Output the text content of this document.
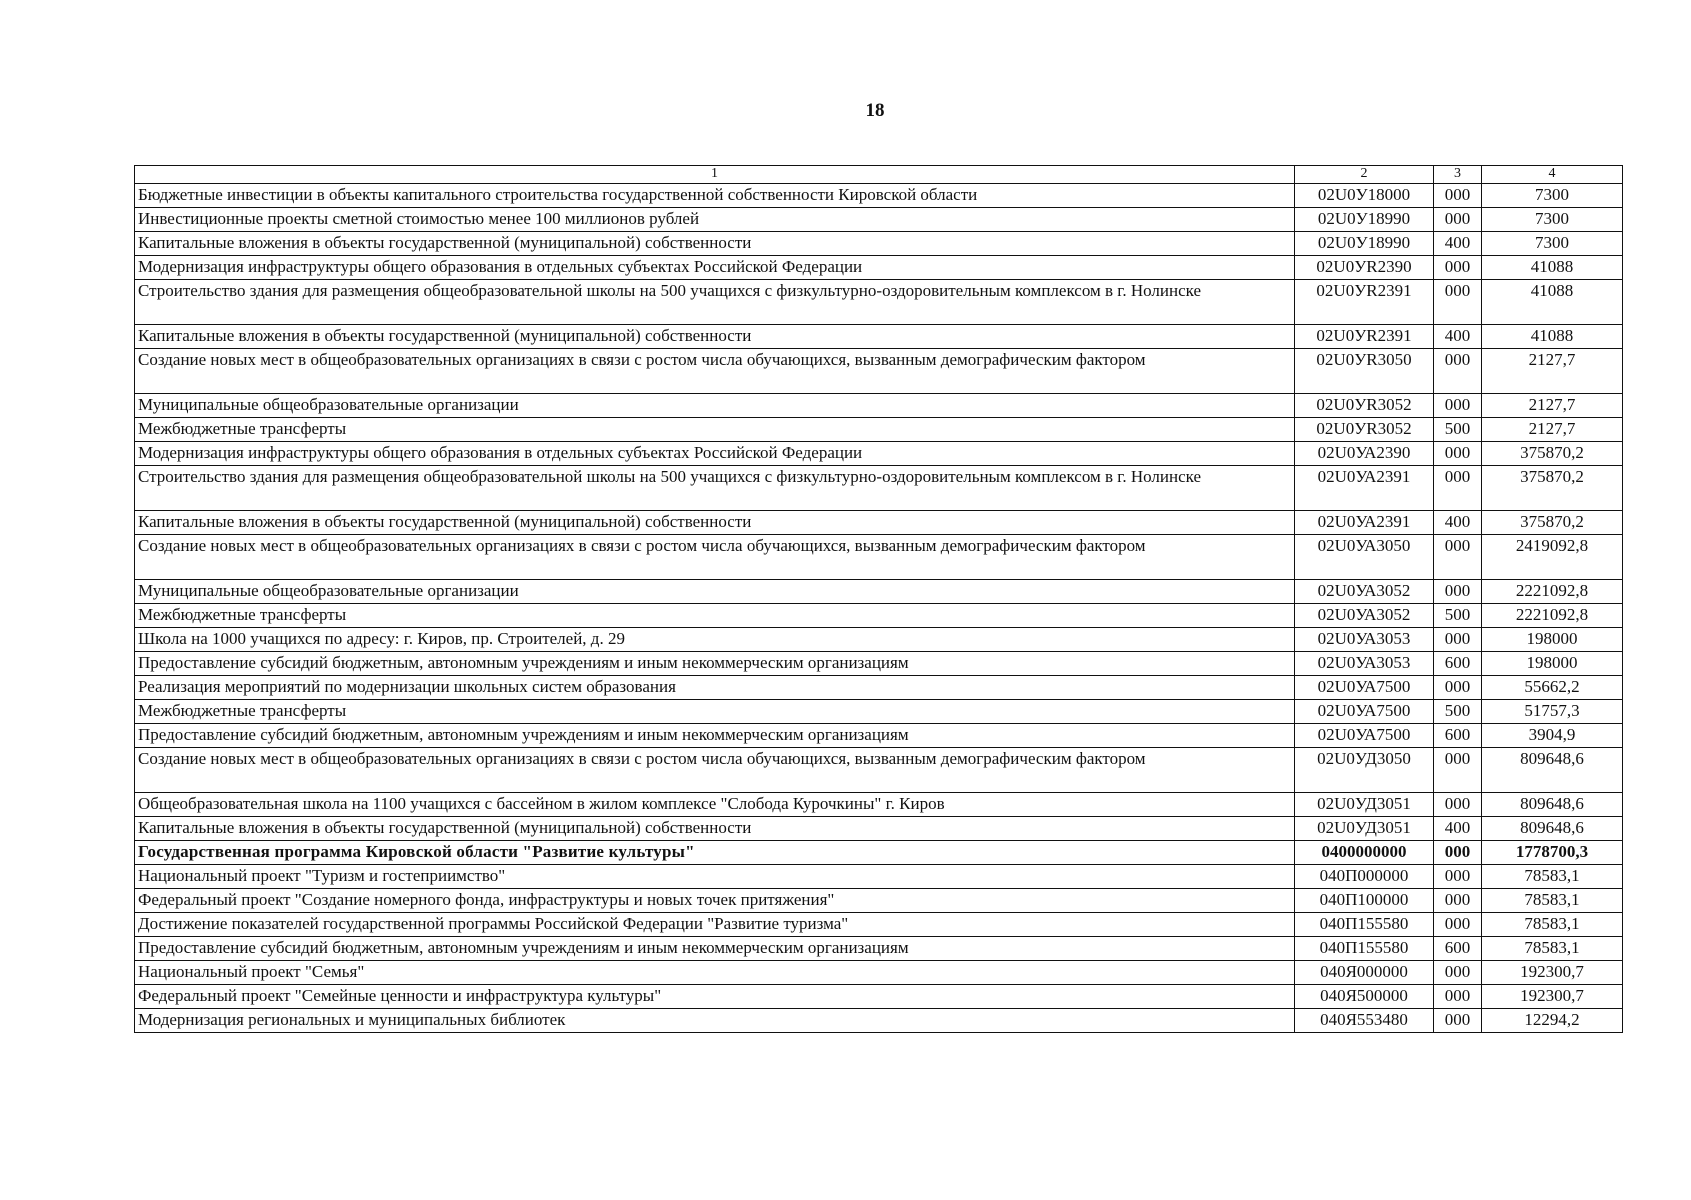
18
1	2	3	4
Бюджетные инвестиции в объекты капитального строительства государственной собственности Кировской области	02U0У18000	000	7300
Инвестиционные проекты сметной стоимостью менее 100 миллионов рублей	02U0У18990	000	7300
Капитальные вложения в объекты государственной (муниципальной) собственности	02U0У18990	400	7300
Модернизация инфраструктуры общего образования в отдельных субъектах Российской Федерации	02U0УR2390	000	41088
Строительство здания для размещения общеобразовательной школы на 500 учащихся с физкультурно-оздоровительным комплексом в г. Нолинске	02U0УR2391	000	41088
Капитальные вложения в объекты государственной (муниципальной) собственности	02U0УR2391	400	41088
Создание новых мест в общеобразовательных организациях в связи с ростом числа обучающихся, вызванным демографическим фактором	02U0УR3050	000	2127,7
Муниципальные общеобразовательные организации	02U0УR3052	000	2127,7
Межбюджетные трансферты	02U0УR3052	500	2127,7
Модернизация инфраструктуры общего образования в отдельных субъектах Российской Федерации	02U0УА2390	000	375870,2
Строительство здания для размещения общеобразовательной школы на 500 учащихся с физкультурно-оздоровительным комплексом в г. Нолинске	02U0УА2391	000	375870,2
Капитальные вложения в объекты государственной (муниципальной) собственности	02U0УА2391	400	375870,2
Создание новых мест в общеобразовательных организациях в связи с ростом числа обучающихся, вызванным демографическим фактором	02U0УА3050	000	2419092,8
Муниципальные общеобразовательные организации	02U0УА3052	000	2221092,8
Межбюджетные трансферты	02U0УА3052	500	2221092,8
Школа на 1000 учащихся по адресу: г. Киров, пр. Строителей, д. 29	02U0УА3053	000	198000
Предоставление субсидий бюджетным, автономным учреждениям и иным некоммерческим организациям	02U0УА3053	600	198000
Реализация мероприятий по модернизации школьных систем образования	02U0УА7500	000	55662,2
Межбюджетные трансферты	02U0УА7500	500	51757,3
Предоставление субсидий бюджетным, автономным учреждениям и иным некоммерческим организациям	02U0УА7500	600	3904,9
Создание новых мест в общеобразовательных организациях в связи с ростом числа обучающихся, вызванным демографическим фактором	02U0УД3050	000	809648,6
Общеобразовательная школа на 1100 учащихся с бассейном в жилом комплексе "Слобода Курочкины" г. Киров	02U0УД3051	000	809648,6
Капитальные вложения в объекты государственной (муниципальной) собственности	02U0УД3051	400	809648,6
Государственная программа Кировской области "Развитие культуры"	0400000000	000	1778700,3
Национальный проект "Туризм и гостеприимство"	040П000000	000	78583,1
Федеральный проект "Создание номерного фонда, инфраструктуры и новых точек притяжения"	040П100000	000	78583,1
Достижение показателей государственной программы Российской Федерации "Развитие туризма"	040П155580	000	78583,1
Предоставление субсидий бюджетным, автономным учреждениям и иным некоммерческим организациям	040П155580	600	78583,1
Национальный проект "Семья"	040Я000000	000	192300,7
Федеральный проект "Семейные ценности и инфраструктура культуры"	040Я500000	000	192300,7
Модернизация региональных и муниципальных библиотек	040Я553480	000	12294,2
